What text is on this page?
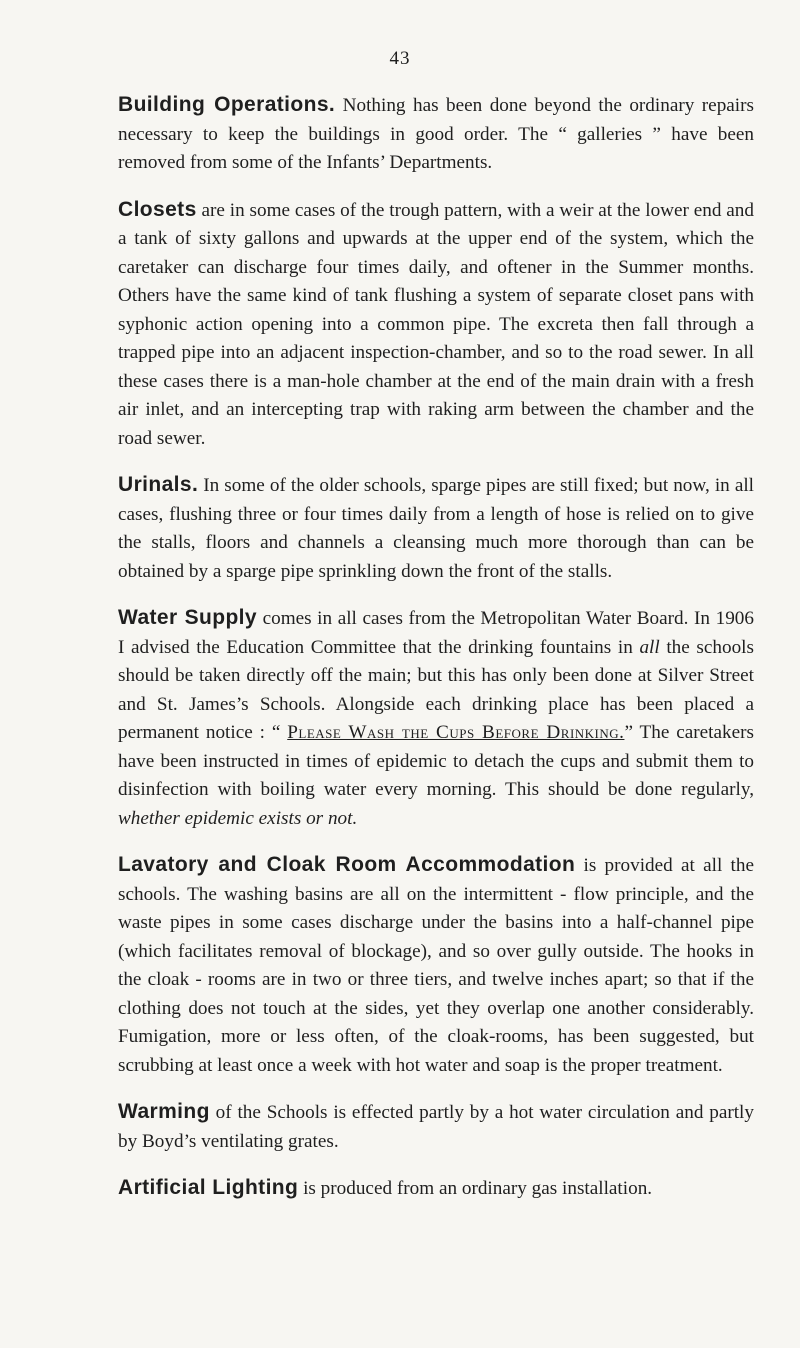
43

Building Operations. Nothing has been done beyond the ordinary repairs necessary to keep the buildings in good order. The “ galleries ” have been removed from some of the Infants’ Departments.

Closets are in some cases of the trough pattern, with a weir at the lower end and a tank of sixty gallons and upwards at the upper end of the system, which the caretaker can discharge four times daily, and oftener in the Summer months. Others have the same kind of tank flushing a system of separate closet pans with syphonic action opening into a common pipe. The excreta then fall through a trapped pipe into an adjacent inspection-chamber, and so to the road sewer. In all these cases there is a man-hole chamber at the end of the main drain with a fresh air inlet, and an intercepting trap with raking arm between the chamber and the road sewer.

Urinals. In some of the older schools, sparge pipes are still fixed; but now, in all cases, flushing three or four times daily from a length of hose is relied on to give the stalls, floors and channels a cleansing much more thorough than can be obtained by a sparge pipe sprinkling down the front of the stalls.

Water Supply comes in all cases from the Metropolitan Water Board. In 1906 I advised the Education Committee that the drinking fountains in all the schools should be taken directly off the main; but this has only been done at Silver Street and St. James’s Schools. Alongside each drinking place has been placed a permanent notice : “ Please Wash the Cups Before Drinking.” The caretakers have been instructed in times of epidemic to detach the cups and submit them to disinfection with boiling water every morning. This should be done regularly, whether epidemic exists or not.

Lavatory and Cloak Room Accommodation is provided at all the schools. The washing basins are all on the intermittent - flow principle, and the waste pipes in some cases discharge under the basins into a half-channel pipe (which facilitates removal of blockage), and so over gully outside. The hooks in the cloak - rooms are in two or three tiers, and twelve inches apart; so that if the clothing does not touch at the sides, yet they overlap one another considerably. Fumigation, more or less often, of the cloak-rooms, has been suggested, but scrubbing at least once a week with hot water and soap is the proper treatment.

Warming of the Schools is effected partly by a hot water circulation and partly by Boyd’s ventilating grates.

Artificial Lighting is produced from an ordinary gas installation.
